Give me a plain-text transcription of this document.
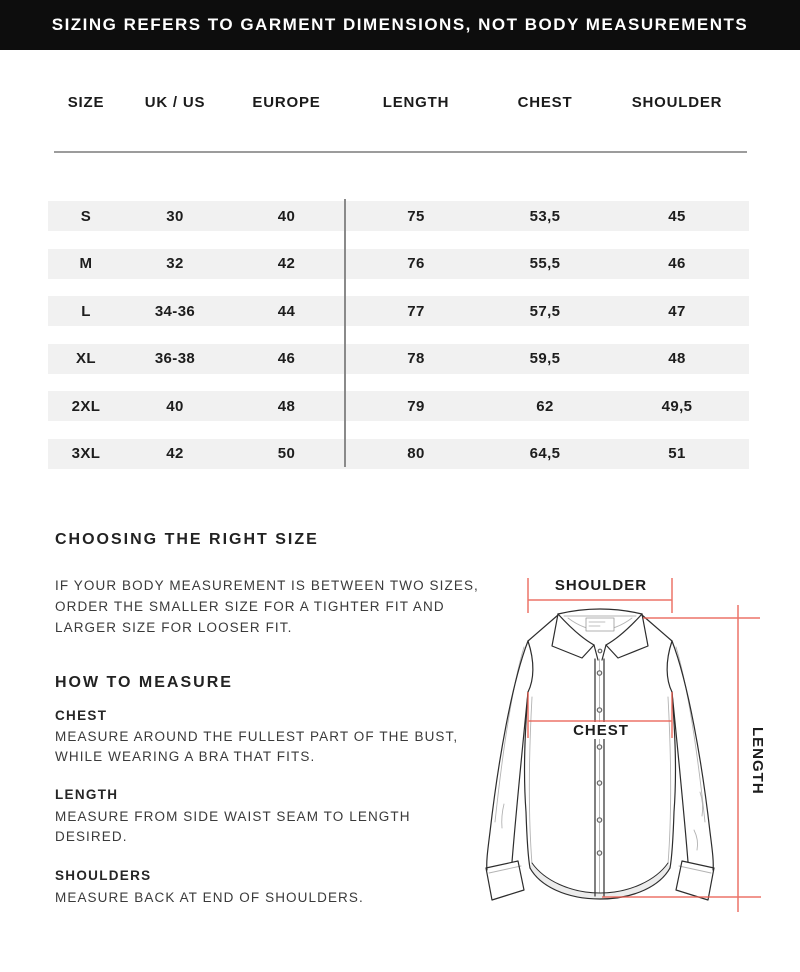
SIZING REFERS TO GARMENT DIMENSIONS, NOT BODY MEASUREMENTS
SIZE	UK / US	EUROPE	LENGTH	CHEST	SHOULDER
S	30	40	75	53,5	45
M	32	42	76	55,5	46
L	34-36	44	77	57,5	47
XL	36-38	46	78	59,5	48
2XL	40	48	79	62	49,5
3XL	42	50	80	64,5	51
CHOOSING THE RIGHT SIZE
IF YOUR BODY MEASUREMENT IS BETWEEN TWO SIZES,
ORDER THE SMALLER SIZE FOR A TIGHTER FIT AND
LARGER SIZE FOR LOOSER FIT.
HOW TO MEASURE
CHEST
MEASURE AROUND THE FULLEST PART OF THE BUST,
WHILE WEARING A BRA THAT FITS.
LENGTH
MEASURE FROM SIDE WAIST SEAM TO LENGTH
DESIRED.
SHOULDERS
MEASURE BACK AT END OF SHOULDERS.
SHOULDER
CHEST	LENGTH
